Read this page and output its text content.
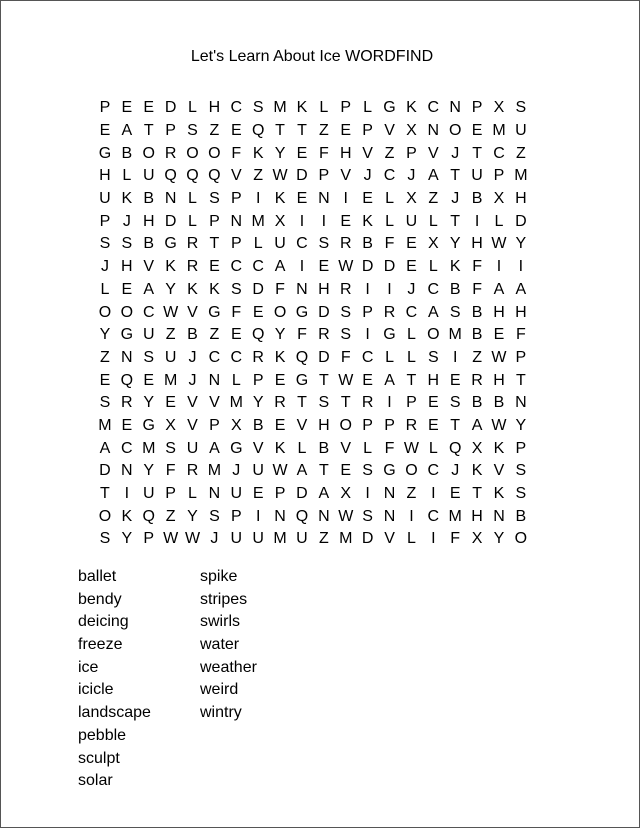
Let's Learn About Ice WORDFIND
P E E D L H C S M K L P L G K C N P X S
E A T P S Z E Q T T Z E P V X N O E M U
G B O R O O F K Y E F H V Z P V J T C Z
H L U Q Q Q V Z W D P V J C J A T U P M
U K B N L S P I K E N I E L X Z J B X H
P J H D L P N M X I	I E K L U L T I L D
S S B G R T P L U C S R B F E X Y H W Y
J H V K R E C C A I E W D D E L K F I	I
L E A Y K K S D F N H R I	I J C B F A A
O O C W V G F E O G D S P R C A S B H H
Y G U Z B Z E Q Y F R S I G L O M B E F
Z N S U J C C R K Q D F C L L S I Z W P
E Q E M J N L P E G T W E A T H E R H T
S R Y E V V M Y R T S T R I P E S B B N
M E G X V P X B E V H O P P R E T A W Y
A C M S U A G V K L B V L F W L Q X K P
D N Y F R M J U W A T E S G O C J K V S
T I U P L N U E P D A X I N Z I E T K S
O K Q Z Y S P I N Q N W S N I C M H N B
S Y P W W J U U M U Z M D V L I F X Y O
ballet
bendy
deicing
freeze
ice
icicle
landscape
pebble
sculpt
solar
spike
stripes
swirls
water
weather
weird
wintry
